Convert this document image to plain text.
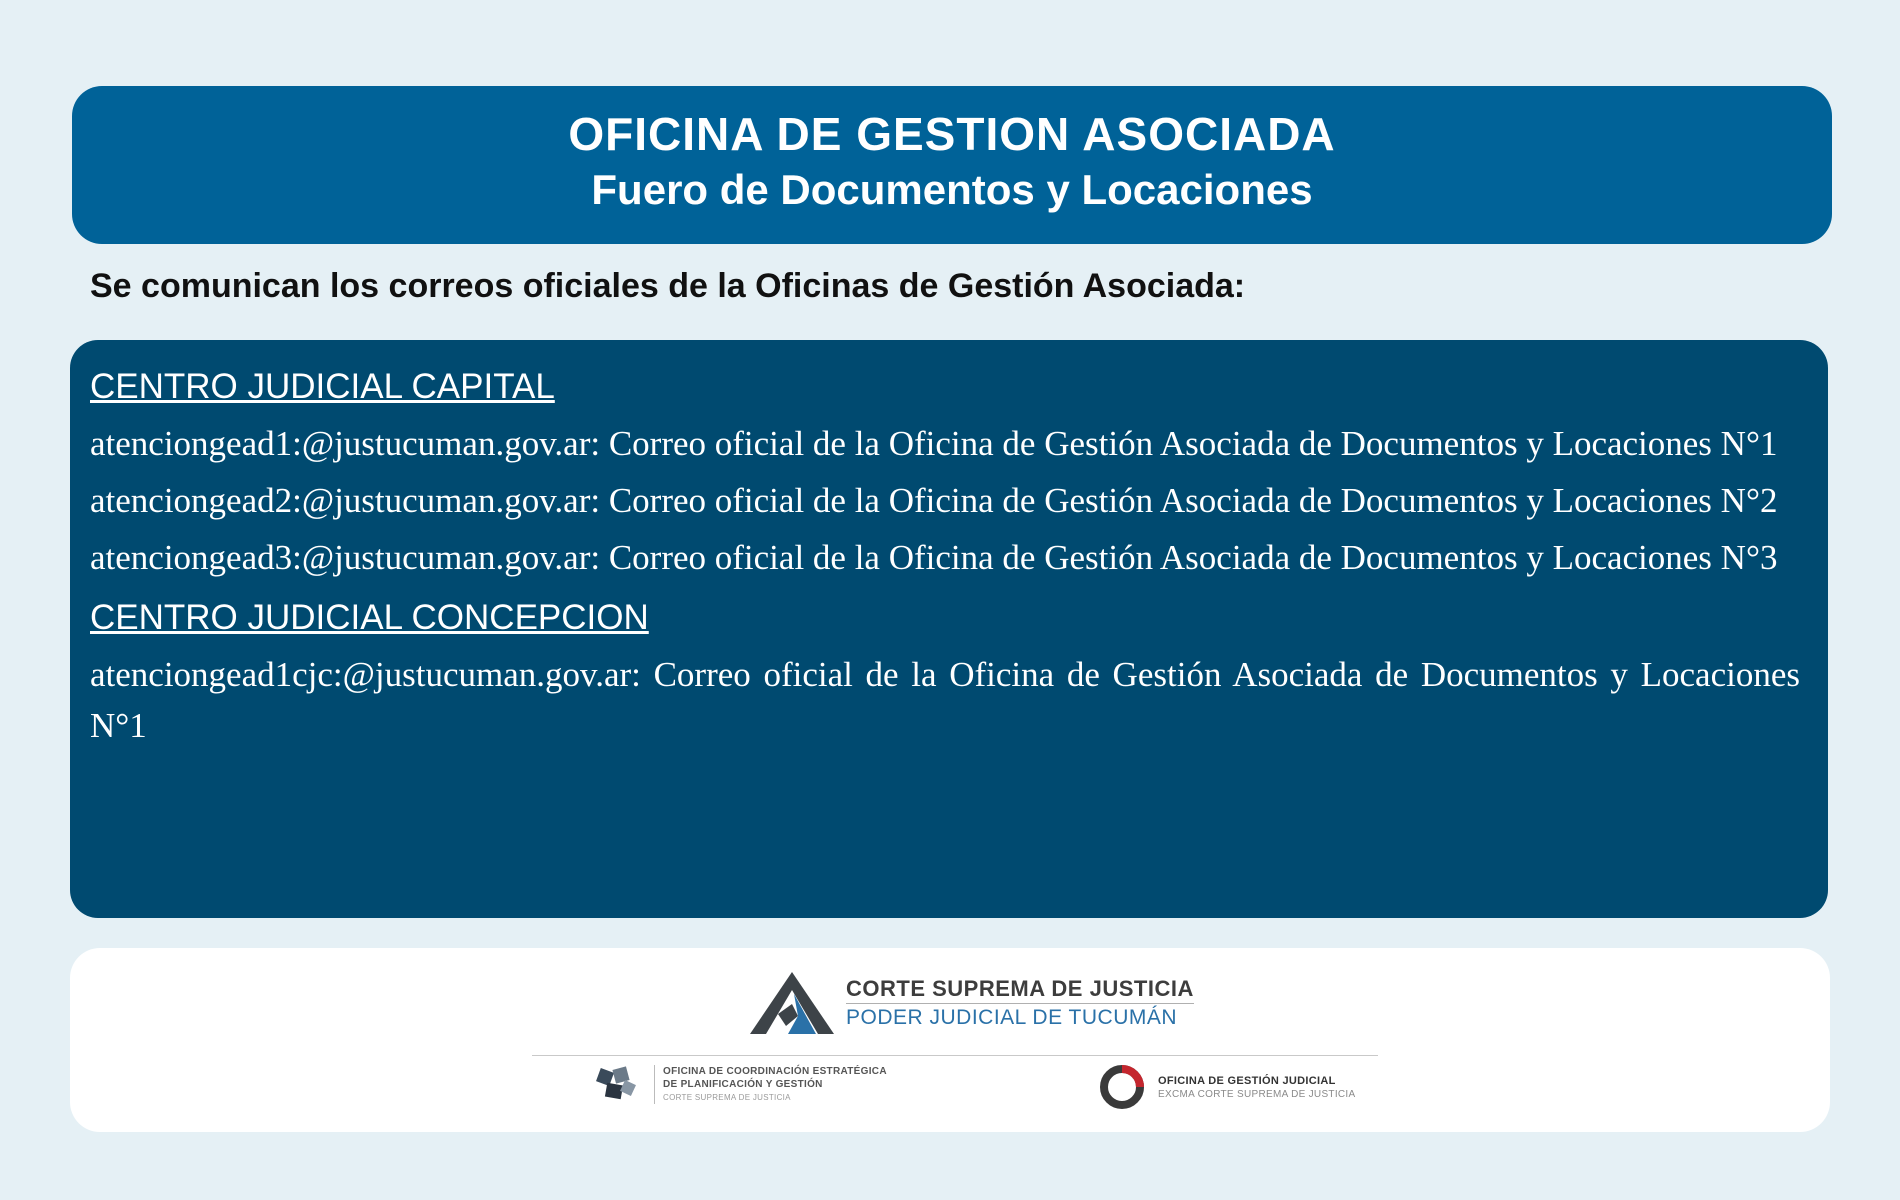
OFICINA DE GESTION ASOCIADA
Fuero de Documentos y Locaciones
Se comunican los correos oficiales de la Oficinas de Gestión Asociada:
CENTRO JUDICIAL CAPITAL
atenciongead1:@justucuman.gov.ar: Correo oficial de la Oficina de Gestión Asociada de Documentos y Locaciones N°1
atenciongead2:@justucuman.gov.ar: Correo oficial de la Oficina de Gestión Asociada de Documentos y Locaciones N°2
atenciongead3:@justucuman.gov.ar: Correo oficial de la Oficina de Gestión Asociada de Documentos y Locaciones N°3
CENTRO JUDICIAL CONCEPCION
atenciongead1cjc:@justucuman.gov.ar: Correo oficial de la Oficina de Gestión Asociada de Documentos y Locaciones N°1
CORTE SUPREMA DE JUSTICIA
PODER JUDICIAL DE TUCUMÁN
OFICINA DE COORDINACIÓN ESTRATÉGICA
DE PLANIFICACIÓN Y GESTIÓN
CORTE SUPREMA DE JUSTICIA
OFICINA DE GESTIÓN JUDICIAL
EXCMA CORTE SUPREMA DE JUSTICIA
